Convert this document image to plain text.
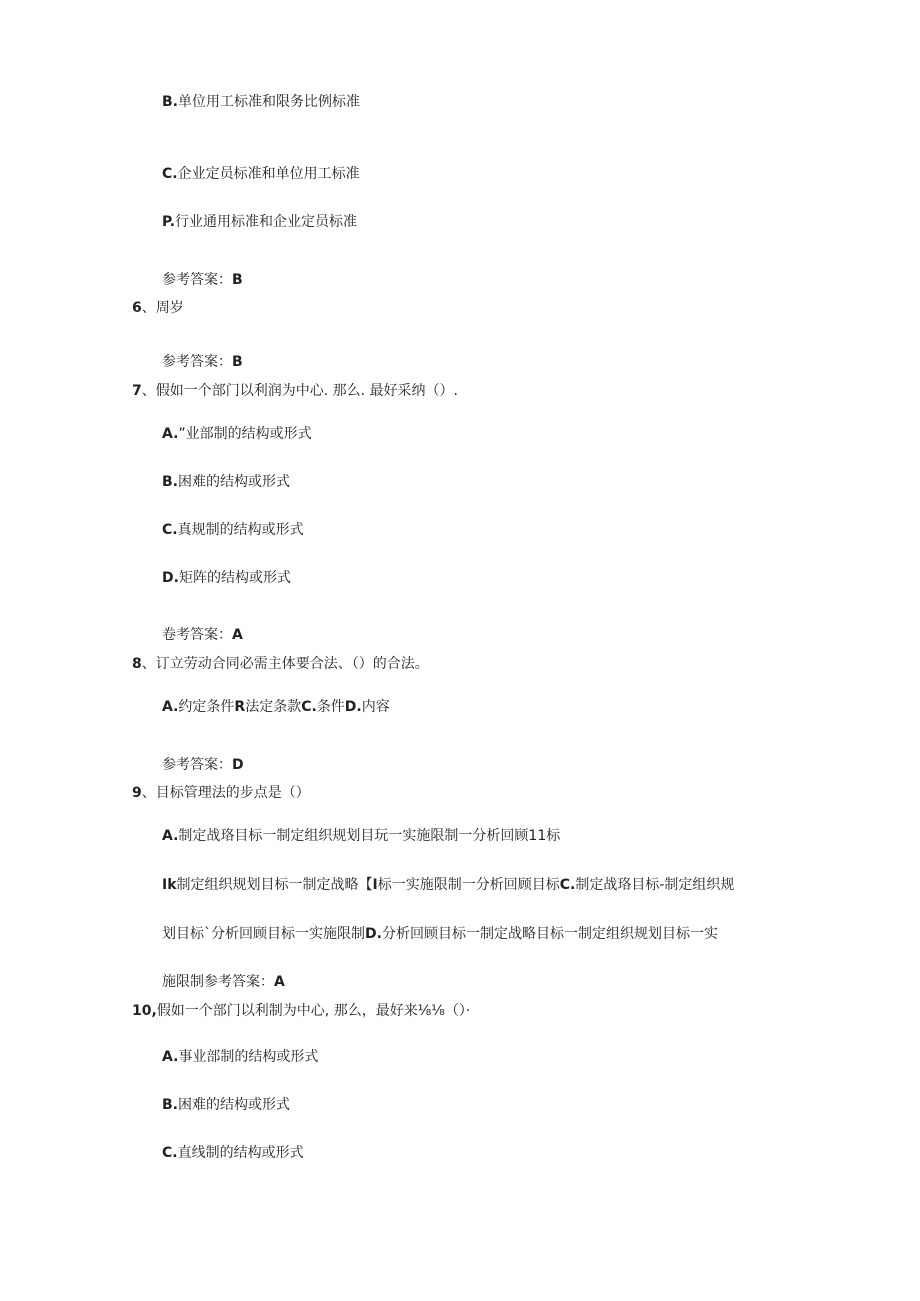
B.单位用工标准和限务比例标准
C.企业定员标准和单位用工标准
P.行业通用标准和企业定员标准
参考答案：B
6、周岁
参考答案：B
7、假如一个部门以利润为中心. 那么. 最好采纳（）.
A.”业部制的结构或形式
B.困难的结构或形式
C.真规制的结构或形式
D.矩阵的结构或形式
卷考答案：A
8、订立劳动合同必需主体要合法、（）的合法。
A.约定条件R法定条款C.条件D.内容
参考答案：D
9、目标管理法的步点是（）
A.制定战珞目标一制定组织规划目玩一实施限制一分析回顾11标
Ik制定组织规划目标一制定战略【I标一实施限制一分析回顾目标C.制定战珞目标-制定组织规
划目标`分析回顾目标一实施限制D.分析回顾目标一制定战略目标一制定组织规划目标一实
施限制参考答案：A
10,假如一个部门以利制为中心, 那么，最好来⅛⅛（）·
A.事业部制的结构或形式
B.困难的结构或形式
C.直线制的结构或形式
